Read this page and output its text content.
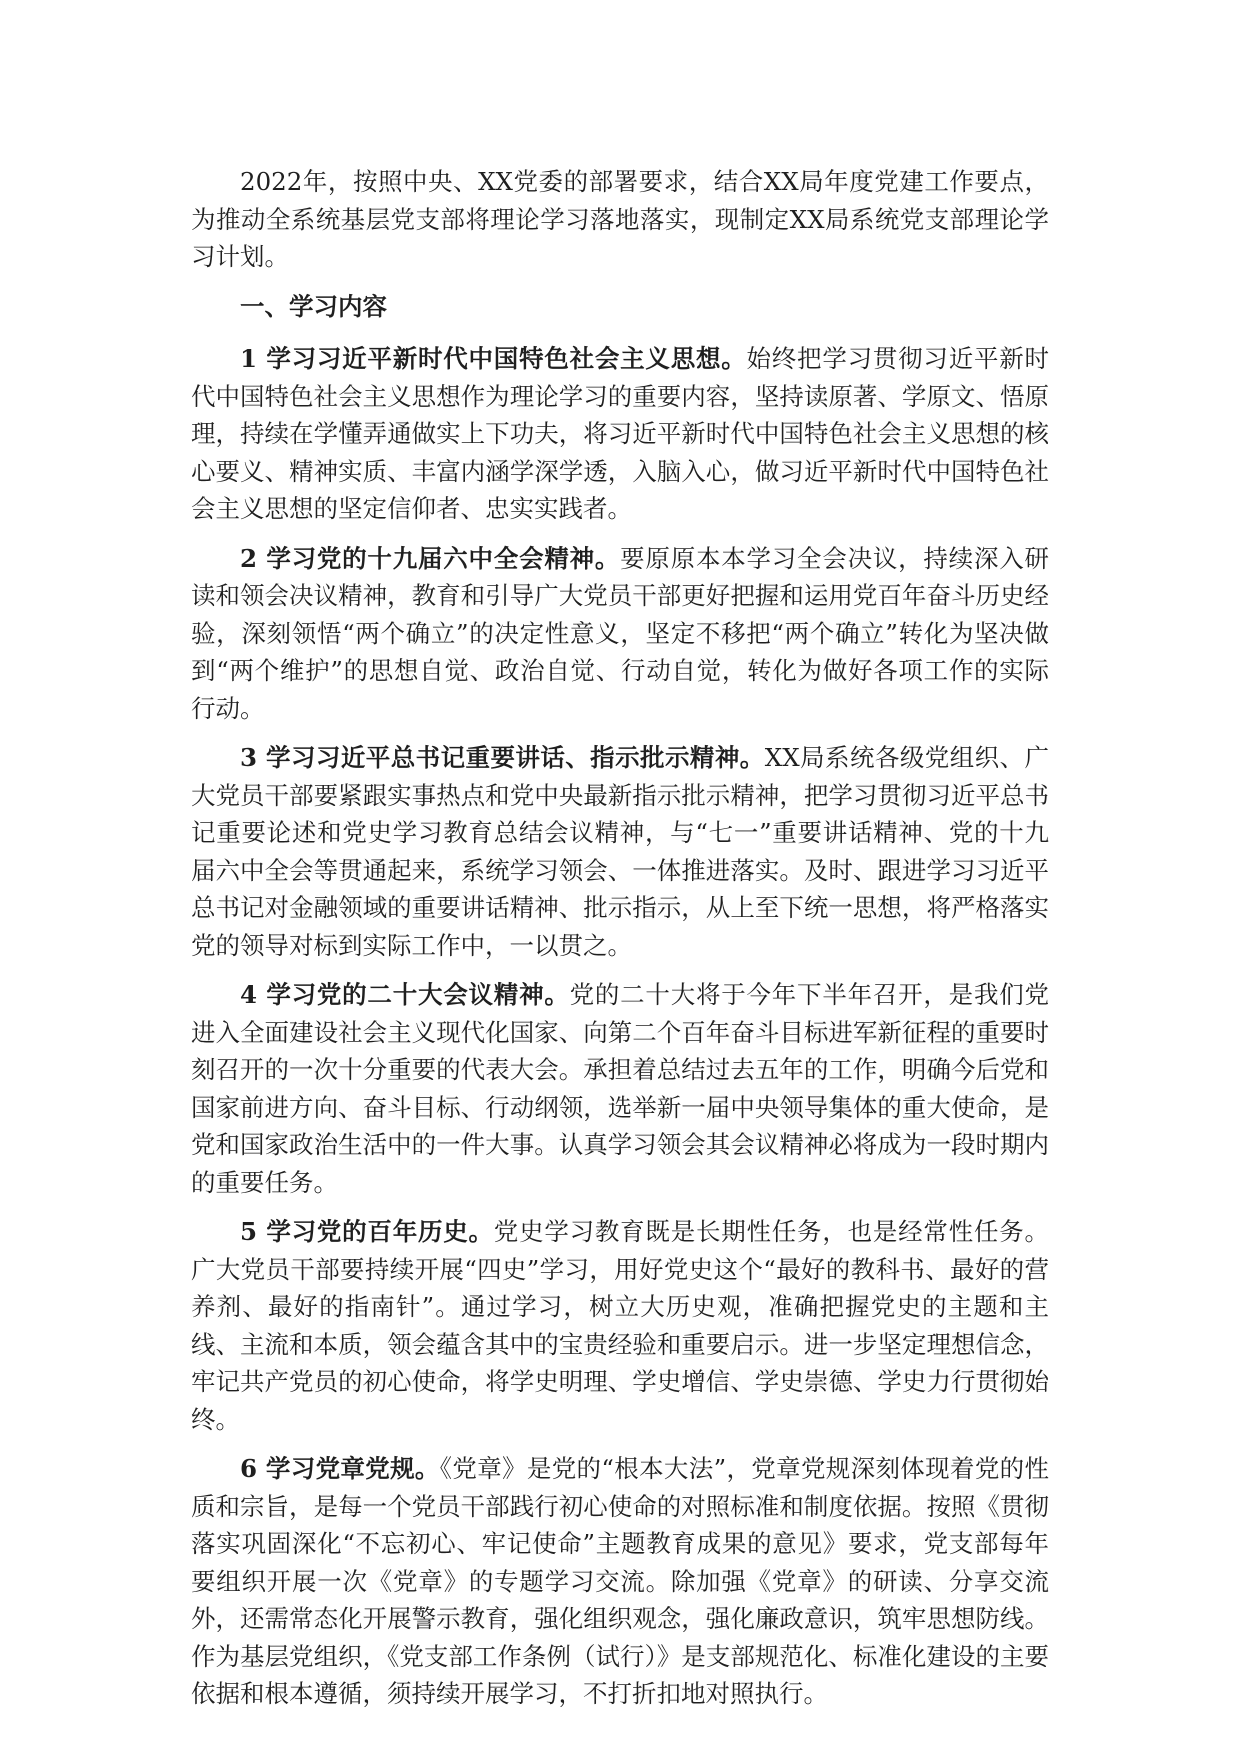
2022年，按照中央、XX党委的部署要求，结合XX局年度党建工作要点，为推动全系统基层党支部将理论学习落地落实，现制定XX局系统党支部理论学习计划。

一、学习内容

1 学习习近平新时代中国特色社会主义思想。始终把学习贯彻习近平新时代中国特色社会主义思想作为理论学习的重要内容，坚持读原著、学原文、悟原理，持续在学懂弄通做实上下功夫，将习近平新时代中国特色社会主义思想的核心要义、精神实质、丰富内涵学深学透，入脑入心，做习近平新时代中国特色社会主义思想的坚定信仰者、忠实实践者。

2 学习党的十九届六中全会精神。要原原本本学习全会决议，持续深入研读和领会决议精神，教育和引导广大党员干部更好把握和运用党百年奋斗历史经验，深刻领悟“两个确立”的决定性意义，坚定不移把“两个确立”转化为坚决做到“两个维护”的思想自觉、政治自觉、行动自觉，转化为做好各项工作的实际行动。

3 学习习近平总书记重要讲话、指示批示精神。XX局系统各级党组织、广大党员干部要紧跟实事热点和党中央最新指示批示精神，把学习贯彻习近平总书记重要论述和党史学习教育总结会议精神，与“七一”重要讲话精神、党的十九届六中全会等贯通起来，系统学习领会、一体推进落实。及时、跟进学习习近平总书记对金融领域的重要讲话精神、批示指示，从上至下统一思想，将严格落实党的领导对标到实际工作中，一以贯之。

4 学习党的二十大会议精神。党的二十大将于今年下半年召开，是我们党进入全面建设社会主义现代化国家、向第二个百年奋斗目标进军新征程的重要时刻召开的一次十分重要的代表大会。承担着总结过去五年的工作，明确今后党和国家前进方向、奋斗目标、行动纲领，选举新一届中央领导集体的重大使命，是党和国家政治生活中的一件大事。认真学习领会其会议精神必将成为一段时期内的重要任务。

5 学习党的百年历史。党史学习教育既是长期性任务，也是经常性任务。广大党员干部要持续开展“四史”学习，用好党史这个“最好的教科书、最好的营养剂、最好的指南针”。通过学习，树立大历史观，准确把握党史的主题和主线、主流和本质，领会蕴含其中的宝贵经验和重要启示。进一步坚定理想信念，牢记共产党员的初心使命，将学史明理、学史增信、学史崇德、学史力行贯彻始终。

6 学习党章党规。《党章》是党的“根本大法”，党章党规深刻体现着党的性质和宗旨，是每一个党员干部践行初心使命的对照标准和制度依据。按照《贯彻落实巩固深化“不忘初心、牢记使命”主题教育成果的意见》要求，党支部每年要组织开展一次《党章》的专题学习交流。除加强《党章》的研读、分享交流外，还需常态化开展警示教育，强化组织观念，强化廉政意识，筑牢思想防线。作为基层党组织，《党支部工作条例（试行）》是支部规范化、标准化建设的主要依据和根本遵循，须持续开展学习，不打折扣地对照执行。
